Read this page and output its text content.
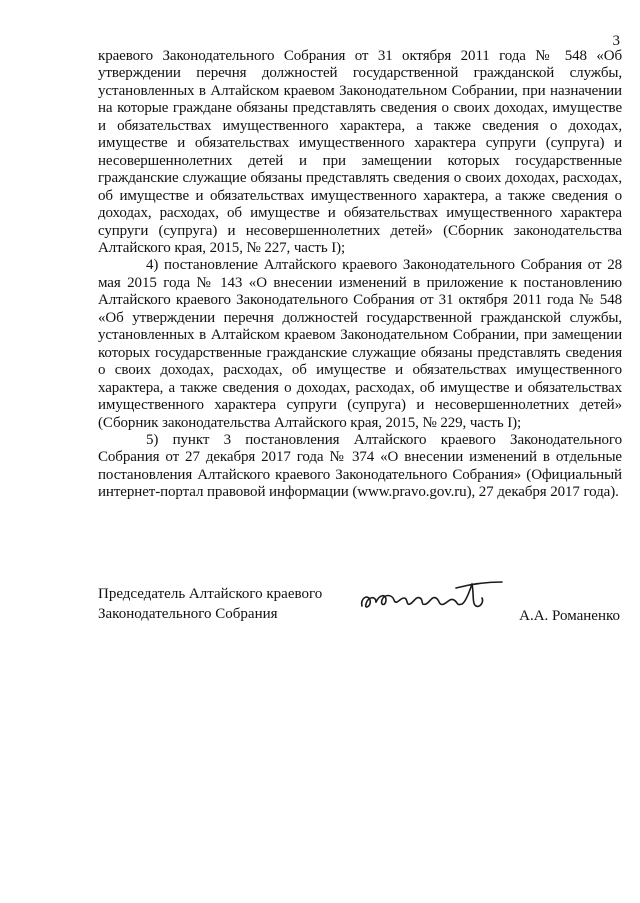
3

краевого Законодательного Собрания от 31 октября 2011 года № 548 «Об утверждении перечня должностей государственной гражданской службы, установленных в Алтайском краевом Законодательном Собрании, при назначении на которые граждане обязаны представлять сведения о своих доходах, имуществе и обязательствах имущественного характера, а также сведения о доходах, имуществе и обязательствах имущественного характера супруги (супруга) и несовершеннолетних детей и при замещении которых государственные гражданские служащие обязаны представлять сведения о своих доходах, расходах, об имуществе и обязательствах имущественного характера, а также сведения о доходах, расходах, об имуществе и обязательствах имущественного характера супруги (супруга) и несовершеннолетних детей» (Сборник законодательства Алтайского края, 2015, № 227, часть I);

4) постановление Алтайского краевого Законодательного Собрания от 28 мая 2015 года № 143 «О внесении изменений в приложение к постановлению Алтайского краевого Законодательного Собрания от 31 октября 2011 года № 548 «Об утверждении перечня должностей государственной гражданской службы, установленных в Алтайском краевом Законодательном Собрании, при замещении которых государственные гражданские служащие обязаны представлять сведения о своих доходах, расходах, об имуществе и обязательствах имущественного характера, а также сведения о доходах, расходах, об имуществе и обязательствах имущественного характера супруги (супруга) и несовершеннолетних детей» (Сборник законодательства Алтайского края, 2015, № 229, часть I);

5) пункт 3 постановления Алтайского краевого Законодательного Собрания от 27 декабря 2017 года № 374 «О внесении изменений в отдельные постановления Алтайского краевого Законодательного Собрания» (Официальный интернет-портал правовой информации (www.pravo.gov.ru), 27 декабря 2017 года).

Председатель Алтайского краевого
Законодательного Собрания	А.А. Романенко
